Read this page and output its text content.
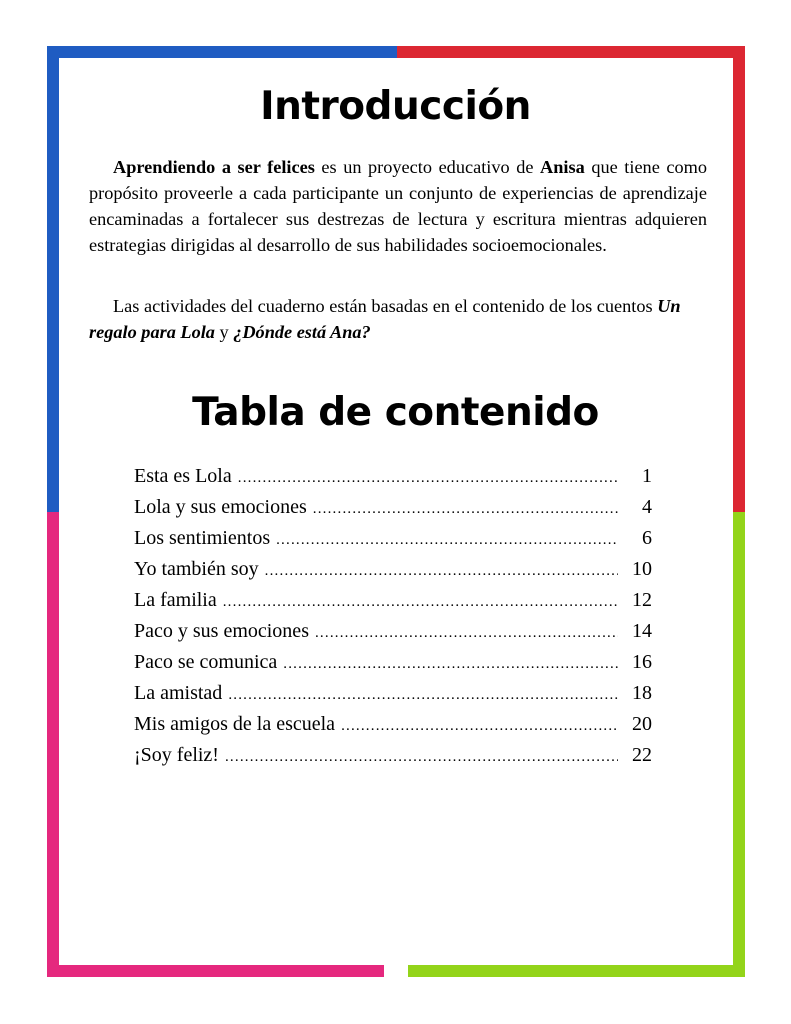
Introducción

Aprendiendo a ser felices es un proyecto educativo de Anisa que tiene como propósito proveerle a cada participante un conjunto de experiencias de aprendizaje encaminadas a fortalecer sus destrezas de lectura y escritura mientras adquieren estrategias dirigidas al desarrollo de sus habilidades socioemocionales.

Las actividades del cuaderno están basadas en el contenido de los cuentos Un regalo para Lola y ¿Dónde está Ana?

Tabla de contenido
Esta es Lola .....	1
Lola y sus emociones .....	4
Los sentimientos .....	6
Yo también soy .....	10
La familia .....	12
Paco y sus emociones .....	14
Paco se comunica .....	16
La amistad .....	18
Mis amigos de la escuela .....	20
¡Soy feliz! .....	22
